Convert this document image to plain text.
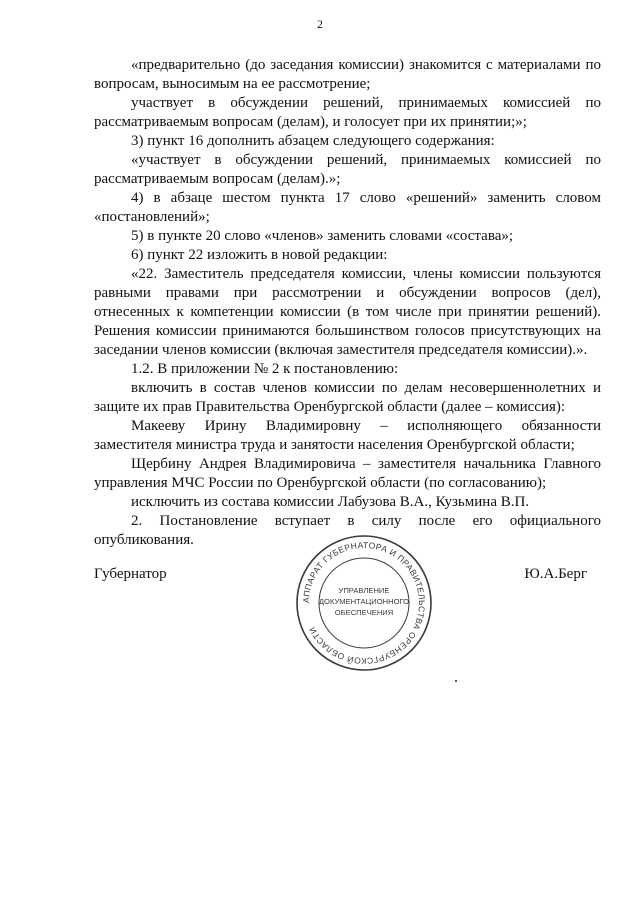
2

«предварительно (до заседания комиссии) знакомится с материалами по вопросам, выносимым на ее рассмотрение;

участвует в обсуждении решений, принимаемых комиссией по рассматриваемым вопросам (делам), и голосует при их принятии;»;

3) пункт 16 дополнить абзацем следующего содержания:

«участвует в обсуждении решений, принимаемых комиссией по рассматриваемым вопросам (делам).»;

4) в абзаце шестом пункта 17 слово «решений» заменить словом «постановлений»;

5) в пункте 20 слово «членов» заменить словами «состава»;

6) пункт 22 изложить в новой редакции:

«22. Заместитель председателя комиссии, члены комиссии пользуются равными правами при рассмотрении и обсуждении вопросов (дел), отнесенных к компетенции комиссии (в том числе при принятии решений). Решения комиссии принимаются большинством голосов присутствующих на заседании членов комиссии (включая заместителя председателя комиссии).».

1.2. В приложении № 2 к постановлению:

включить в состав членов комиссии по делам несовершеннолетних и защите их прав Правительства Оренбургской области (далее – комиссия):

Макееву Ирину Владимировну – исполняющего обязанности заместителя министра труда и занятости населения Оренбургской области;

Щербину Андрея Владимировича – заместителя начальника Главного управления МЧС России по Оренбургской области (по согласованию);

исключить из состава комиссии Лабузова В.А., Кузьмина В.П.

2. Постановление вступает в силу после его официального опубликования.

Губернатор	Ю.А.Берг
АППАРАТ ГУБЕРНАТОРА И ПРАВИТЕЛЬСТВА ОРЕНБУРГСКОЙ ОБЛАСТИ
УПРАВЛЕНИЕ
ДОКУМЕНТАЦИОННОГО
ОБЕСПЕЧЕНИЯ
